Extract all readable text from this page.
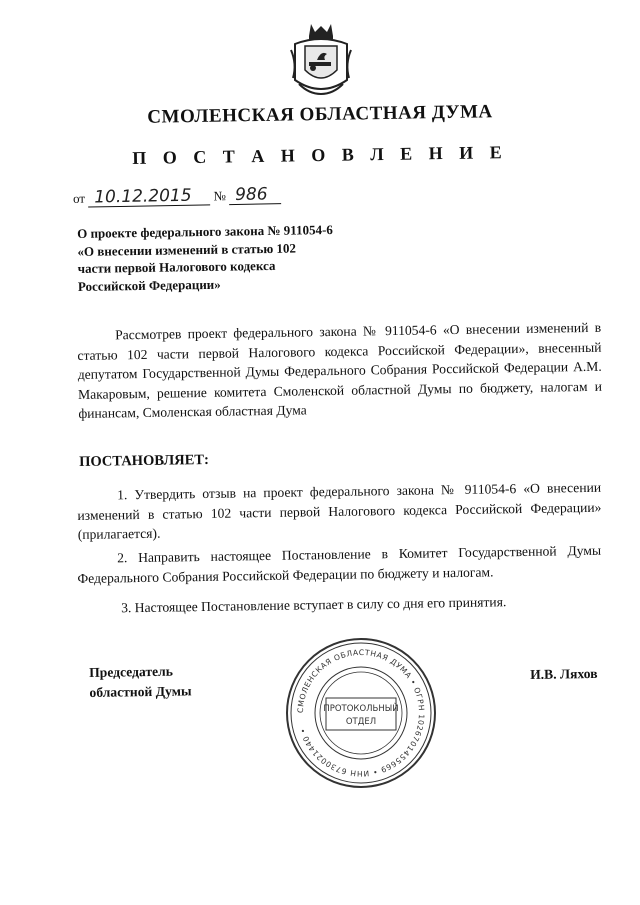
СМОЛЕНСКАЯ ОБЛАСТНАЯ ДУМА
П О С Т А Н О В Л Е Н И Е
от 10.12.2015 № 986
О проекте федерального закона № 911054-6
«О внесении изменений в статью 102
части первой Налогового кодекса
Российской Федерации»
Рассмотрев проект федерального закона № 911054-6 «О внесении изменений в статью 102 части первой Налогового кодекса Российской Федерации», внесенный депутатом Государственной Думы Федерального Собрания Российской Федерации А.М. Макаровым, решение комитета Смоленской областной Думы по бюджету, налогам и финансам, Смоленская областная Дума
ПОСТАНОВЛЯЕТ:
1. Утвердить отзыв на проект федерального закона № 911054-6 «О внесении изменений в статью 102 части первой Налогового кодекса Российской Федерации» (прилагается).
2. Направить настоящее Постановление в Комитет Государственной Думы Федерального Собрания Российской Федерации по бюджету и налогам.
3. Настоящее Постановление вступает в силу со дня его принятия.
Председатель
областной Думы
И.В. Ляхов
СМОЛЕНСКАЯ ОБЛАСТНАЯ ДУМА • ОГРН 1026701455669 • ИНН 6730021440 •
ПРОТОКОЛЬНЫЙ
ОТДЕЛ
